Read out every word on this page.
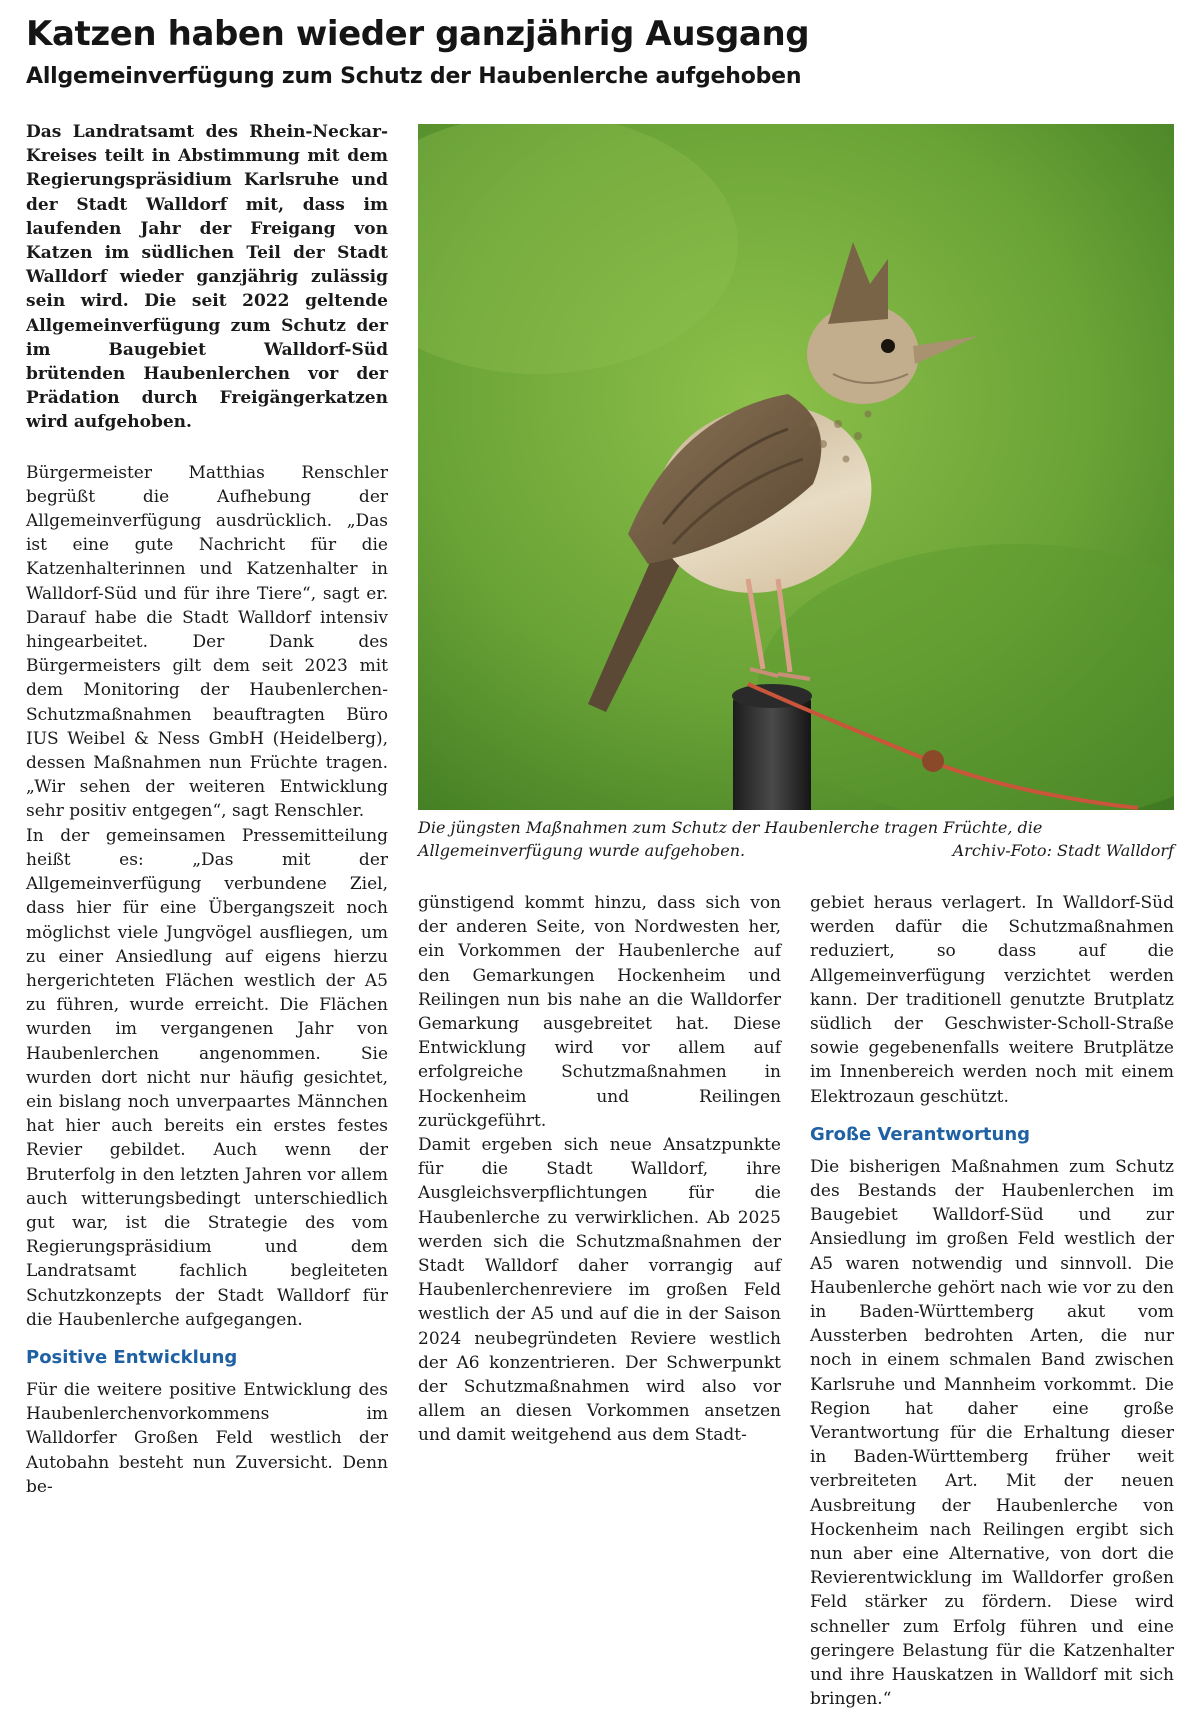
Katzen haben wieder ganzjährig Ausgang
Allgemeinverfügung zum Schutz der Haubenlerche aufgehoben

Das Landratsamt des Rhein-Neckar-Kreises teilt in Abstimmung mit dem Regierungspräsidium Karlsruhe und der Stadt Walldorf mit, dass im laufenden Jahr der Freigang von Katzen im südlichen Teil der Stadt Walldorf wieder ganzjährig zulässig sein wird. Die seit 2022 geltende Allgemeinverfügung zum Schutz der im Baugebiet Walldorf-Süd brütenden Haubenlerchen vor der Prädation durch Freigängerkatzen wird aufgehoben.

Bürgermeister Matthias Renschler begrüßt die Aufhebung der Allgemeinverfügung ausdrücklich. „Das ist eine gute Nachricht für die Katzenhalterinnen und Katzenhalter in Walldorf-Süd und für ihre Tiere“, sagt er. Darauf habe die Stadt Walldorf intensiv hingearbeitet. Der Dank des Bürgermeisters gilt dem seit 2023 mit dem Monitoring der Haubenlerchen-Schutzmaßnahmen beauftragten Büro IUS Weibel & Ness GmbH (Heidelberg), dessen Maßnahmen nun Früchte tragen. „Wir sehen der weiteren Entwicklung sehr positiv entgegen“, sagt Renschler.

In der gemeinsamen Pressemitteilung heißt es: „Das mit der Allgemeinverfügung verbundene Ziel, dass hier für eine Übergangszeit noch möglichst viele Jungvögel ausfliegen, um zu einer Ansiedlung auf eigens hierzu hergerichteten Flächen westlich der A5 zu führen, wurde erreicht. Die Flächen wurden im vergangenen Jahr von Haubenlerchen angenommen. Sie wurden dort nicht nur häufig gesichtet, ein bislang noch unverpaartes Männchen hat hier auch bereits ein erstes festes Revier gebildet. Auch wenn der Bruterfolg in den letzten Jahren vor allem auch witterungsbedingt unterschiedlich gut war, ist die Strategie des vom Regierungspräsidium und dem Landratsamt fachlich begleiteten Schutzkonzepts der Stadt Walldorf für die Haubenlerche aufgegangen.

Positive Entwicklung

Für die weitere positive Entwicklung des Haubenlerchenvorkommens im Walldorfer Großen Feld westlich der Autobahn besteht nun Zuversicht. Denn be-

Die jüngsten Maßnahmen zum Schutz der Haubenlerche tragen Früchte, die Allgemeinverfügung wurde aufgehoben.	Archiv-Foto: Stadt Walldorf

günstigend kommt hinzu, dass sich von der anderen Seite, von Nordwesten her, ein Vorkommen der Haubenlerche auf den Gemarkungen Hockenheim und Reilingen nun bis nahe an die Walldorfer Gemarkung ausgebreitet hat. Diese Entwicklung wird vor allem auf erfolgreiche Schutzmaßnahmen in Hockenheim und Reilingen zurückgeführt.

Damit ergeben sich neue Ansatzpunkte für die Stadt Walldorf, ihre Ausgleichsverpflichtungen für die Haubenlerche zu verwirklichen. Ab 2025 werden sich die Schutzmaßnahmen der Stadt Walldorf daher vorrangig auf Haubenlerchenreviere im großen Feld westlich der A5 und auf die in der Saison 2024 neubegründeten Reviere westlich der A6 konzentrieren. Der Schwerpunkt der Schutzmaßnahmen wird also vor allem an diesen Vorkommen ansetzen und damit weitgehend aus dem Stadt-

gebiet heraus verlagert. In Walldorf-Süd werden dafür die Schutzmaßnahmen reduziert, so dass auf die Allgemeinverfügung verzichtet werden kann. Der traditionell genutzte Brutplatz südlich der Geschwister-Scholl-Straße sowie gegebenenfalls weitere Brutplätze im Innenbereich werden noch mit einem Elektrozaun geschützt.

Große Verantwortung

Die bisherigen Maßnahmen zum Schutz des Bestands der Haubenlerchen im Baugebiet Walldorf-Süd und zur Ansiedlung im großen Feld westlich der A5 waren notwendig und sinnvoll. Die Haubenlerche gehört nach wie vor zu den in Baden-Württemberg akut vom Aussterben bedrohten Arten, die nur noch in einem schmalen Band zwischen Karlsruhe und Mannheim vorkommt. Die Region hat daher eine große Verantwortung für die Erhaltung dieser in Baden-Württemberg früher weit verbreiteten Art. Mit der neuen Ausbreitung der Haubenlerche von Hockenheim nach Reilingen ergibt sich nun aber eine Alternative, von dort die Revierentwicklung im Walldorfer großen Feld stärker zu fördern. Diese wird schneller zum Erfolg führen und eine geringere Belastung für die Katzenhalter und ihre Hauskatzen in Walldorf mit sich bringen.“
